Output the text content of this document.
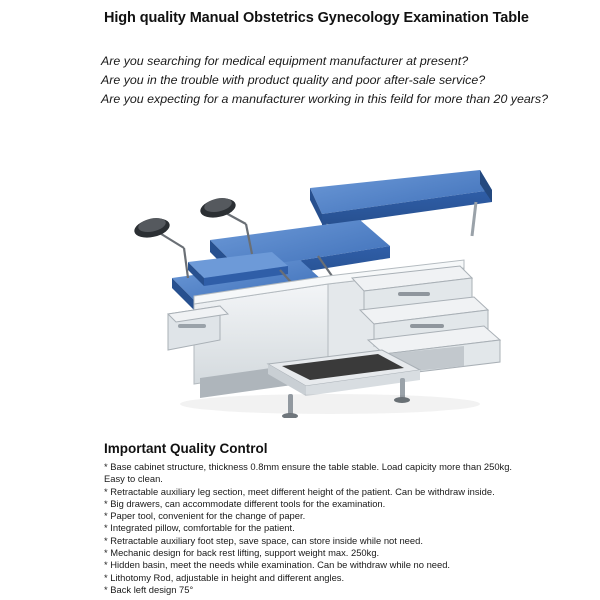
High quality Manual Obstetrics Gynecology Examination Table
Are you searching for medical equipment manufacturer at present?
Are you in the trouble with product quality and poor after-sale service?
Are you expecting for a manufacturer working in this feild for more than 20 years?
Important Quality Control
* Base cabinet structure, thickness 0.8mm ensure the table stable. Load capicity more than 250kg. Easy to clean.
* Retractable auxiliary leg section, meet different height of the patient. Can be withdraw inside.
* Big drawers, can accommodate different tools for the examination.
* Paper tool, convenient for the change of paper.
* Integrated pillow, comfortable for the patient.
* Retractable auxiliary foot step, save space, can store inside while not need.
* Mechanic design for back rest lifting, support weight max. 250kg.
* Hidden basin, meet the needs while examination. Can be withdraw while no need.
* Lithotomy Rod, adjustable in height and different angles.
* Back left design 75°
